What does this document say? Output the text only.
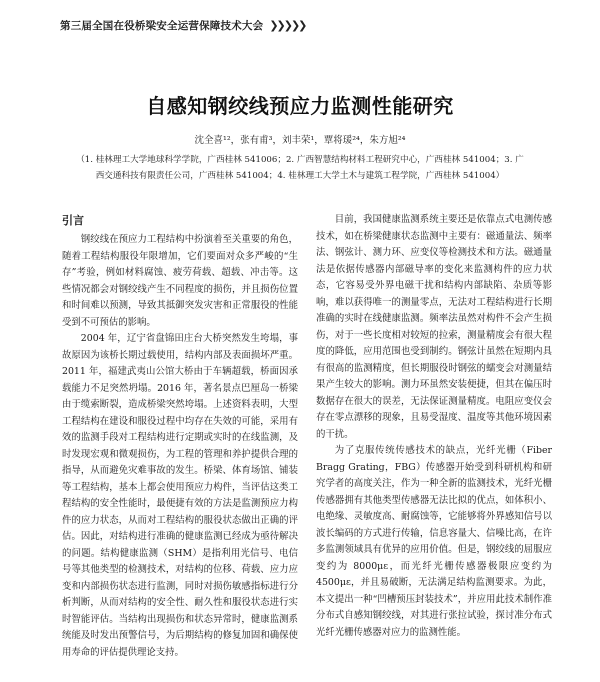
第三届全国在役桥梁安全运营保障技术大会 ❯❯❯❯❯
自感知钢绞线预应力监测性能研究
沈全喜¹²，张有甫³，刘丰荣¹，覃将瑗²⁴，朱方旭²⁴
（1. 桂林理工大学地球科学学院，广西桂林 541006；2. 广西智慧结构材料工程研究中心，广西桂林 541004；3. 广
西交通科技有限责任公司，广西桂林 541004；4. 桂林理工大学土木与建筑工程学院，广西桂林 541004）
引言

钢绞线在预应力工程结构中扮演着至关重要的角色，随着工程结构服役年限增加，它们要面对众多严峻的“生存”考验，例如材料腐蚀、疲劳荷载、超载、冲击等。这些情况都会对钢绞线产生不同程度的损伤，并且损伤位置和时间难以预测，导致其抵御突发灾害和正常服役的性能受到不可预估的影响。

2004 年，辽宁省盘锦田庄台大桥突然发生垮塌，事故原因为该桥长期过载使用，结构内部及表面损坏严重。2011 年，福建武夷山公馆大桥由于车辆超载，桥面因承载能力不足突然坍塌。2016 年，著名景点巴厘岛一桥梁由于缆索断裂，造成桥梁突然垮塌。上述资料表明，大型工程结构在建设和服役过程中均存在失效的可能，采用有效的监测手段对工程结构进行定期或实时的在线监测，及时发现宏观和微观损伤，为工程的管理和养护提供合理的指导，从而避免灾难事故的发生。桥梁、体育场馆、铺装等工程结构，基本上都会使用预应力构件，当评估这类工程结构的安全性能时，最便捷有效的方法是监测预应力构件的应力状态，从而对工程结构的服役状态做出正确的评估。因此，对结构进行准确的健康监测已经成为亟待解决的问题。结构健康监测（SHM）是指利用光信号、电信号等其他类型的检测技术，对结构的位移、荷载、应力应变和内部损伤状态进行监测，同时对损伤敏感指标进行分析判断，从而对结构的安全性、耐久性和服役状态进行实时智能评估。当结构出现损伤和状态异常时，健康监测系统能及时发出预警信号，为后期结构的修复加固和确保使用寿命的评估提供理论支持。

目前，我国健康监测系统主要还是依靠点式电测传感技术，如在桥梁健康状态监测中主要有：磁通量法、频率法、钢弦计、测力环、应变仪等检测技术和方法。磁通量法是依据传感器内部磁导率的变化来监测构件的应力状态，它容易受外界电磁干扰和结构内部缺陷、杂质等影响，难以获得唯一的测量零点，无法对工程结构进行长期准确的实时在线健康监测。频率法虽然对构件不会产生损伤，对于一些长度相对较短的拉索，测量精度会有很大程度的降低，应用范围也受到制约。钢弦计虽然在短期内具有很高的监测精度，但长期服役时钢弦的蠕变会对测量结果产生较大的影响。测力环虽然安装便捷，但其在偏压时数据存在很大的误差，无法保证测量精度。电阻应变仪会存在零点漂移的现象，且易受湿度、温度等其他环境因素的干扰。

为了克服传统传感技术的缺点，光纤光栅（Fiber Bragg Grating，FBG）传感器开始受到科研机构和研究学者的高度关注，作为一种全新的监测技术，光纤光栅传感器拥有其他类型传感器无法比拟的优点，如体积小、电绝缘、灵敏度高、耐腐蚀等，它能够将外界感知信号以波长编码的方式进行传输，信息容量大、信噪比高，在许多监测领域具有优异的应用价值。但是，钢绞线的屈服应变约为 8000με，而光纤光栅传感器极限应变约为 4500με，并且易破断，无法满足结构监测要求。为此，本文提出一种“凹槽预压封装技术”，并应用此技术制作准分布式自感知钢绞线，对其进行张拉试验，探讨准分布式光纤光栅传感器对应力的监测性能。
